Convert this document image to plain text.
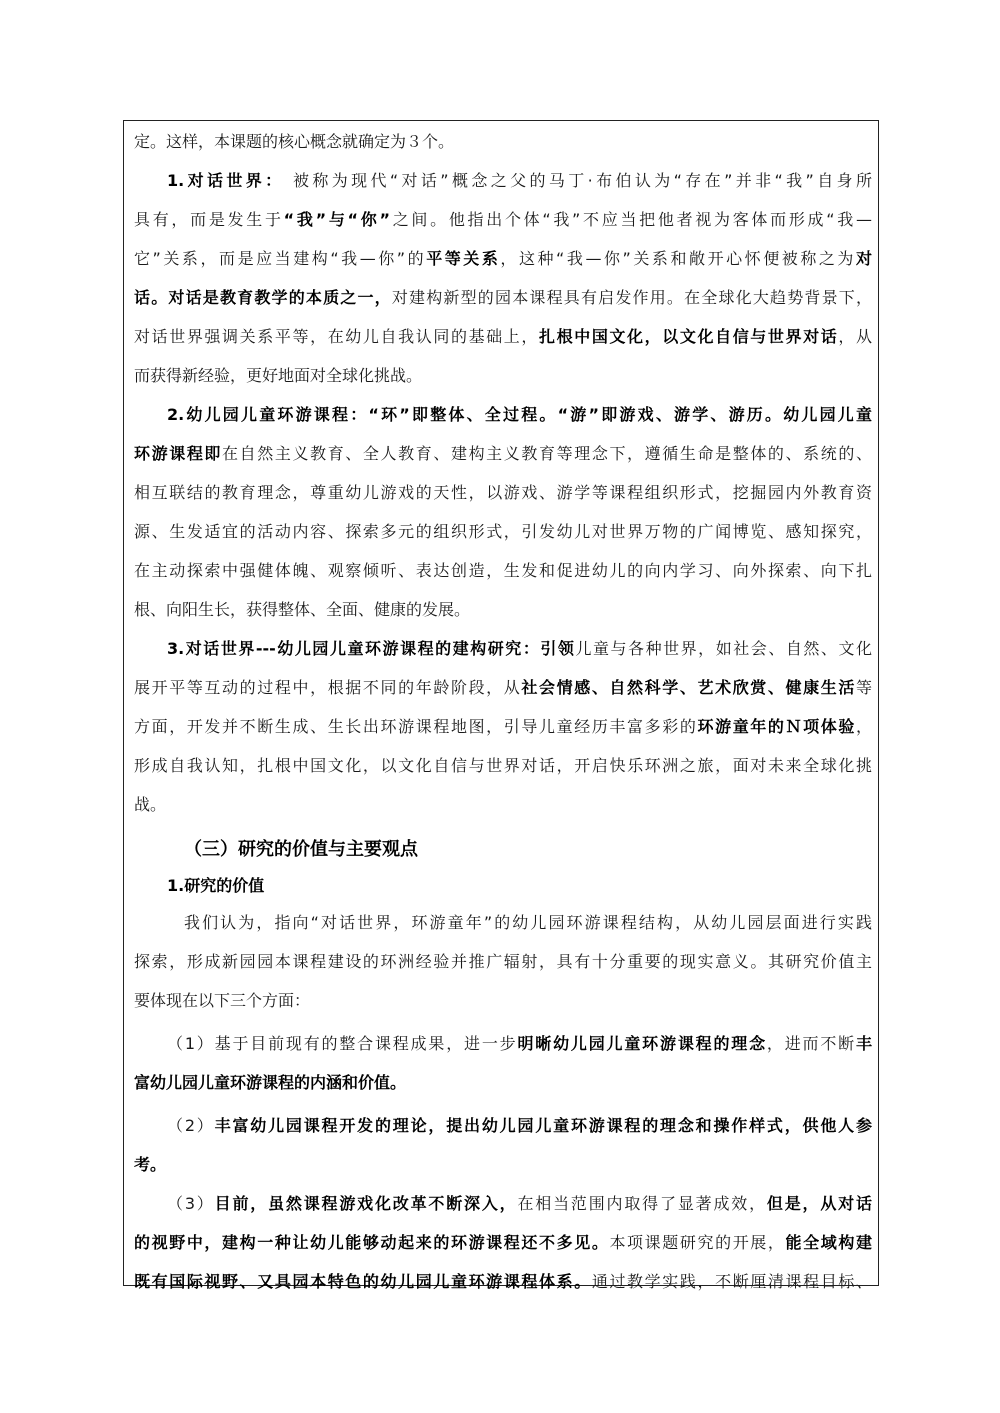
定。这样，本课题的核心概念就确定为３个。
1.对话世界： 被称为现代“对话”概念之父的马丁·布伯认为“存在”并非“我”自身所
具有，而是发生于“我”与“你”之间。他指出个体“我”不应当把他者视为客体而形成“我—
它”关系，而是应当建构“我—你”的平等关系，这种“我—你”关系和敞开心怀便被称之为对
话。对话是教育教学的本质之一，对建构新型的园本课程具有启发作用。在全球化大趋势背景下，
对话世界强调关系平等，在幼儿自我认同的基础上，扎根中国文化，以文化自信与世界对话，从
而获得新经验，更好地面对全球化挑战。
2.幼儿园儿童环游课程：“环”即整体、全过程。“游”即游戏、游学、游历。幼儿园儿童
环游课程即在自然主义教育、全人教育、建构主义教育等理念下，遵循生命是整体的、系统的、
相互联结的教育理念，尊重幼儿游戏的天性，以游戏、游学等课程组织形式，挖掘园内外教育资
源、生发适宜的活动内容、探索多元的组织形式，引发幼儿对世界万物的广闻博览、感知探究，
在主动探索中强健体魄、观察倾听、表达创造，生发和促进幼儿的向内学习、向外探索、向下扎
根、向阳生长，获得整体、全面、健康的发展。
3.对话世界---幼儿园儿童环游课程的建构研究：引领儿童与各种世界，如社会、自然、文化
展开平等互动的过程中，根据不同的年龄阶段，从社会情感、自然科学、艺术欣赏、健康生活等
方面，开发并不断生成、生长出环游课程地图，引导儿童经历丰富多彩的环游童年的Ｎ项体验，
形成自我认知，扎根中国文化，以文化自信与世界对话，开启快乐环洲之旅，面对未来全球化挑
战。
（三）研究的价值与主要观点
1.研究的价值
我们认为，指向“对话世界，环游童年”的幼儿园环游课程结构，从幼儿园层面进行实践
探索，形成新园园本课程建设的环洲经验并推广辐射，具有十分重要的现实意义。其研究价值主
要体现在以下三个方面：
（1）基于目前现有的整合课程成果，进一步明晰幼儿园儿童环游课程的理念，进而不断丰
富幼儿园儿童环游课程的内涵和价值。
（2）丰富幼儿园课程开发的理论，提出幼儿园儿童环游课程的理念和操作样式，供他人参
考。
（3）目前，虽然课程游戏化改革不断深入，在相当范围内取得了显著成效，但是，从对话
的视野中，建构一种让幼儿能够动起来的环游课程还不多见。本项课题研究的开展，能全域构建
既有国际视野、又具园本特色的幼儿园儿童环游课程体系。通过教学实践，不断厘清课程目标、
